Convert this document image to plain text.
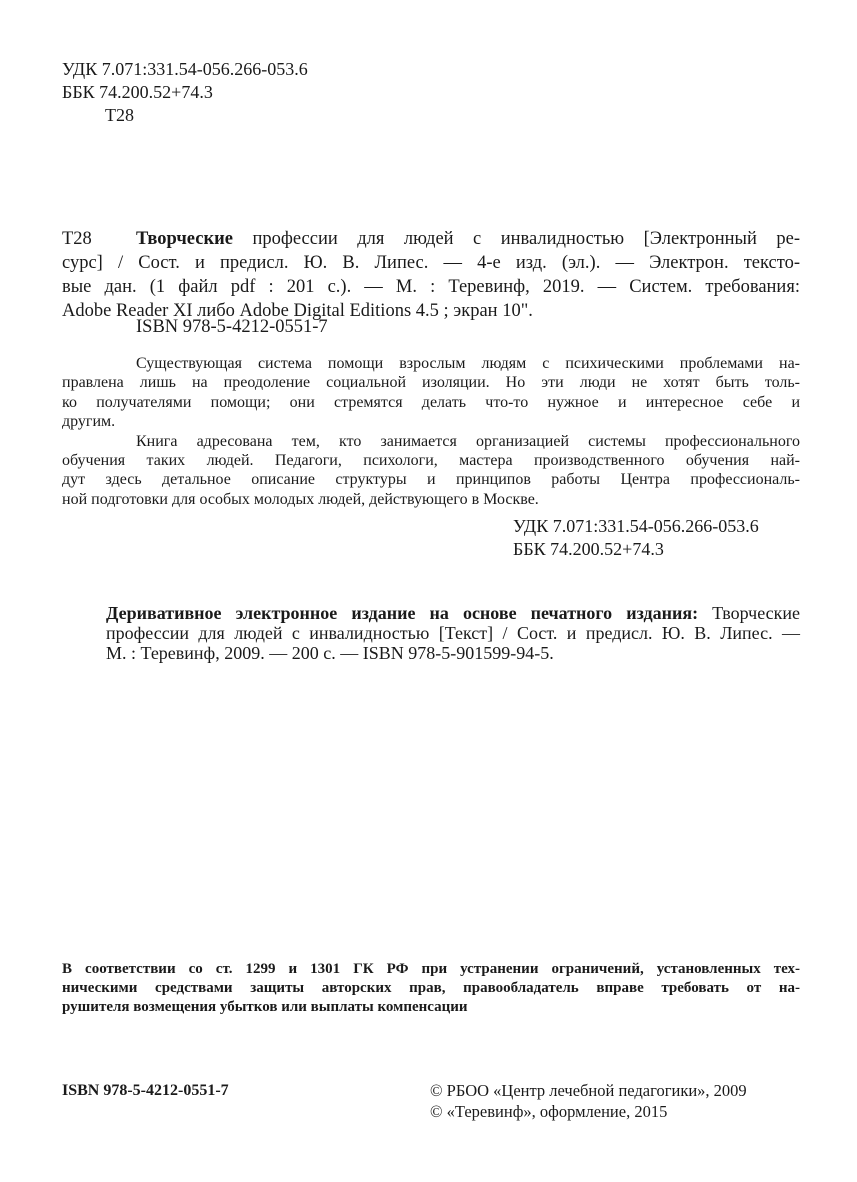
УДК 7.071:331.54-056.266-053.6
ББК 74.200.52+74.3
Т28
Т28 Творческие профессии для людей с инвалидностью [Электронный ре-
сурс] / Сост. и предисл. Ю. В. Липес. — 4-е изд. (эл.). — Электрон. тексто-
вые дан. (1 файл pdf : 201 с.). — М. : Теревинф, 2019. — Систем. требования:
Adobe Reader XI либо Adobe Digital Editions 4.5 ; экран 10".
ISBN 978-5-4212-0551-7
Существующая система помощи взрослым людям с психическими проблемами на-
правлена лишь на преодоление социальной изоляции. Но эти люди не хотят быть толь-
ко получателями помощи; они стремятся делать что-то нужное и интересное себе и
другим.
Книга адресована тем, кто занимается организацией системы профессионального
обучения таких людей. Педагоги, психологи, мастера производственного обучения най-
дут здесь детальное описание структуры и принципов работы Центра профессиональ-
ной подготовки для особых молодых людей, действующего в Москве.
УДК 7.071:331.54-056.266-053.6
ББК 74.200.52+74.3
Деривативное электронное издание на основе печатного издания: Творческие
профессии для людей с инвалидностью [Текст] / Сост. и предисл. Ю. В. Липес. —
М. : Теревинф, 2009. — 200 с. — ISBN 978-5-901599-94-5.
В соответствии со ст. 1299 и 1301 ГК РФ при устранении ограничений, установленных тех-
ническими средствами защиты авторских прав, правообладатель вправе требовать от на-
рушителя возмещения убытков или выплаты компенсации
ISBN 978-5-4212-0551-7	© РБОО «Центр лечебной педагогики», 2009
© «Теревинф», оформление, 2015
